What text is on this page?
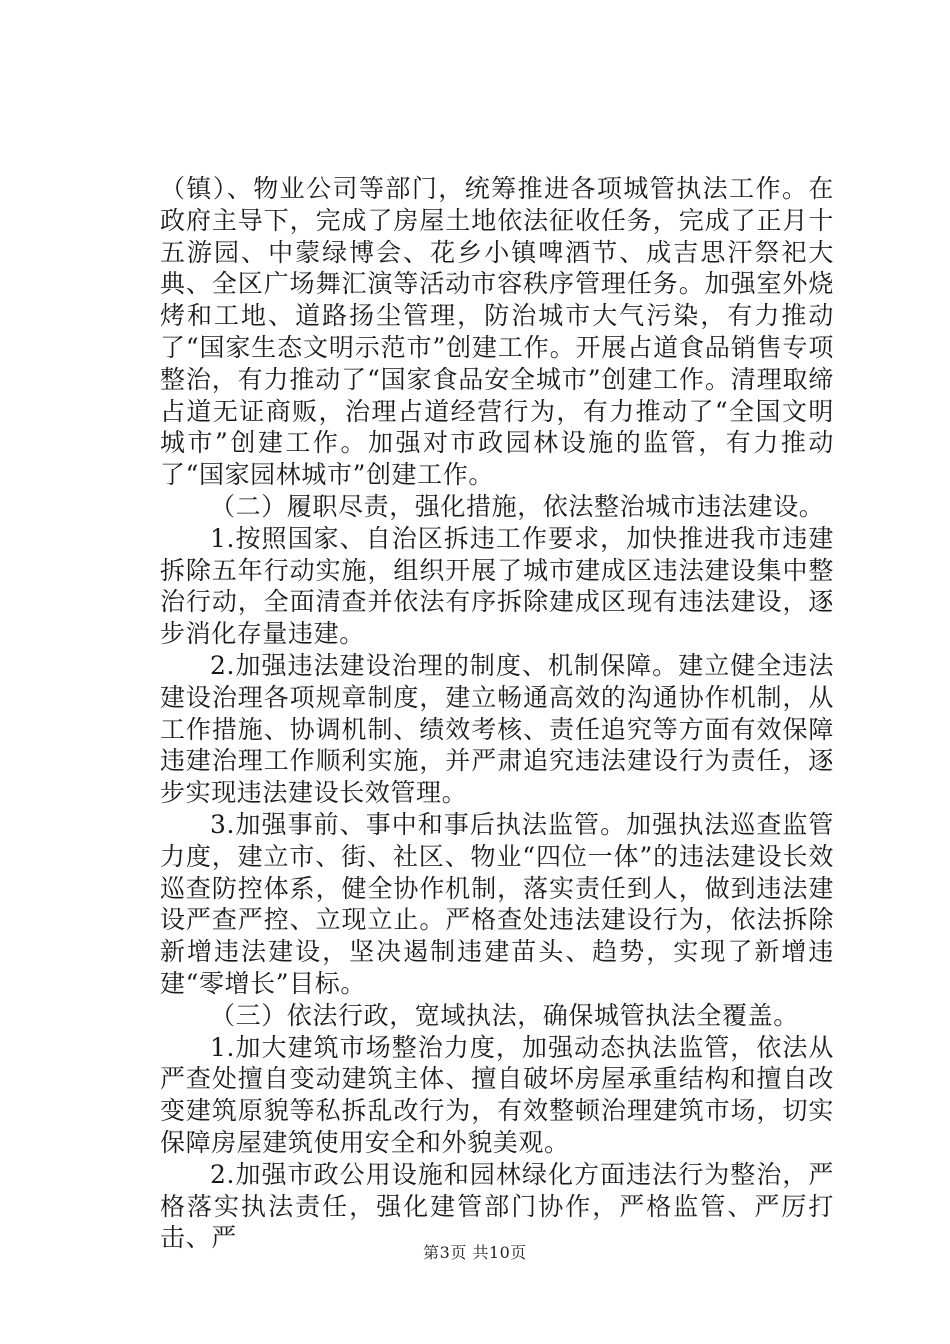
（镇）、物业公司等部门，统筹推进各项城管执法工作。在政府主导下，完成了房屋土地依法征收任务，完成了正月十五游园、中蒙绿博会、花乡小镇啤酒节、成吉思汗祭祀大典、全区广场舞汇演等活动市容秩序管理任务。加强室外烧烤和工地、道路扬尘管理，防治城市大气污染，有力推动了“国家生态文明示范市”创建工作。开展占道食品销售专项整治，有力推动了“国家食品安全城市”创建工作。清理取缔占道无证商贩，治理占道经营行为，有力推动了“全国文明城市”创建工作。加强对市政园林设施的监管，有力推动了“国家园林城市”创建工作。

（二）履职尽责，强化措施，依法整治城市违法建设。

1.按照国家、自治区拆违工作要求，加快推进我市违建拆除五年行动实施，组织开展了城市建成区违法建设集中整治行动，全面清查并依法有序拆除建成区现有违法建设，逐步消化存量违建。

2.加强违法建设治理的制度、机制保障。建立健全违法建设治理各项规章制度，建立畅通高效的沟通协作机制，从工作措施、协调机制、绩效考核、责任追究等方面有效保障违建治理工作顺利实施，并严肃追究违法建设行为责任，逐步实现违法建设长效管理。

3.加强事前、事中和事后执法监管。加强执法巡查监管力度，建立市、街、社区、物业“四位一体”的违法建设长效巡查防控体系，健全协作机制，落实责任到人，做到违法建设严查严控、立现立止。严格查处违法建设行为，依法拆除新增违法建设，坚决遏制违建苗头、趋势，实现了新增违建“零增长”目标。

（三）依法行政，宽域执法，确保城管执法全覆盖。

1.加大建筑市场整治力度，加强动态执法监管，依法从严查处擅自变动建筑主体、擅自破坏房屋承重结构和擅自改变建筑原貌等私拆乱改行为，有效整顿治理建筑市场，切实保障房屋建筑使用安全和外貌美观。

2.加强市政公用设施和园林绿化方面违法行为整治，严格落实执法责任，强化建管部门协作，严格监管、严厉打击、严

第3页 共10页
